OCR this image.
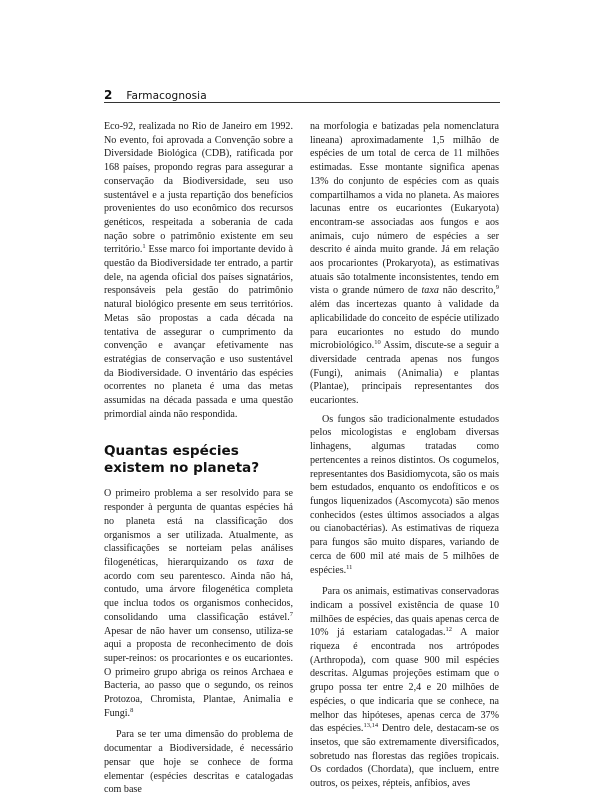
2 Farmacognosia

Eco-92, realizada no Rio de Janeiro em 1992. No evento, foi aprovada a Convenção sobre a Diversidade Biológica (CDB), ratificada por 168 países, propondo regras para assegurar a conservação da Biodiversidade, seu uso sustentável e a justa repartição dos benefícios provenientes do uso econômico dos recursos genéticos, respeitada a soberania de cada nação sobre o patrimônio existente em seu território.$^1$ Esse marco foi importante devido à questão da Biodiversidade ter entrado, a partir dele, na agenda oficial dos países signatários, responsáveis pela gestão do patrimônio natural biológico presente em seus territórios. Metas são propostas a cada década na tentativa de assegurar o cumprimento da convenção e avançar efetivamente nas estratégias de conservação e uso sustentável da Biodiversidade. O inventário das espécies ocorrentes no planeta é uma das metas assumidas na década passada e uma questão primordial ainda não respondida.

Quantas espécies existem no planeta?

O primeiro problema a ser resolvido para se responder à pergunta de quantas espécies há no planeta está na classificação dos organismos a ser utilizada. Atualmente, as classificações se norteiam pelas análises filogenéticas, hierarquizando os taxa de acordo com seu parentesco. Ainda não há, contudo, uma árvore filogenética completa que inclua todos os organismos conhecidos, consolidando uma classificação estável.$^7$ Apesar de não haver um consenso, utiliza-se aqui a proposta de reconhecimento de dois super-reinos: os procariontes e os eucariontes. O primeiro grupo abriga os reinos Archaea e Bacteria, ao passo que o segundo, os reinos Protozoa, Chromista, Plantae, Animalia e Fungi.$^8$

Para se ter uma dimensão do problema de documentar a Biodiversidade, é necessário pensar que hoje se conhece de forma elementar (espécies descritas e catalogadas com base

na morfologia e batizadas pela nomenclatura lineana) aproximadamente 1,5 milhão de espécies de um total de cerca de 11 milhões estimadas. Esse montante significa apenas 13% do conjunto de espécies com as quais compartilhamos a vida no planeta. As maiores lacunas entre os eucariontes (Eukaryota) encontram-se associadas aos fungos e aos animais, cujo número de espécies a ser descrito é ainda muito grande. Já em relação aos procariontes (Prokaryota), as estimativas atuais são totalmente inconsistentes, tendo em vista o grande número de taxa não descrito,$^9$ além das incertezas quanto à validade da aplicabilidade do conceito de espécie utilizado para eucariontes no estudo do mundo microbiológico.$^{10}$ Assim, discute-se a seguir a diversidade centrada apenas nos fungos (Fungi), animais (Animalia) e plantas (Plantae), principais representantes dos eucariontes.

Os fungos são tradicionalmente estudados pelos micologistas e englobam diversas linhagens, algumas tratadas como pertencentes a reinos distintos. Os cogumelos, representantes dos Basidiomycota, são os mais bem estudados, enquanto os endofíticos e os fungos liquenizados (Ascomycota) são menos conhecidos (estes últimos associados a algas ou cianobactérias). As estimativas de riqueza para fungos são muito díspares, variando de cerca de 600 mil até mais de 5 milhões de espécies.$^{11}$

Para os animais, estimativas conservadoras indicam a possível existência de quase 10 milhões de espécies, das quais apenas cerca de 10% já estariam catalogadas.$^{12}$ A maior riqueza é encontrada nos artrópodes (Arthropoda), com quase 900 mil espécies descritas. Algumas projeções estimam que o grupo possa ter entre 2,4 e 20 milhões de espécies, o que indicaria que se conhece, na melhor das hipóteses, apenas cerca de 37% das espécies.$^{13,14}$ Dentro dele, destacam-se os insetos, que são extremamente diversificados, sobretudo nas florestas das regiões tropicais. Os cordados (Chordata), que incluem, entre outros, os peixes, répteis, anfíbios, aves
